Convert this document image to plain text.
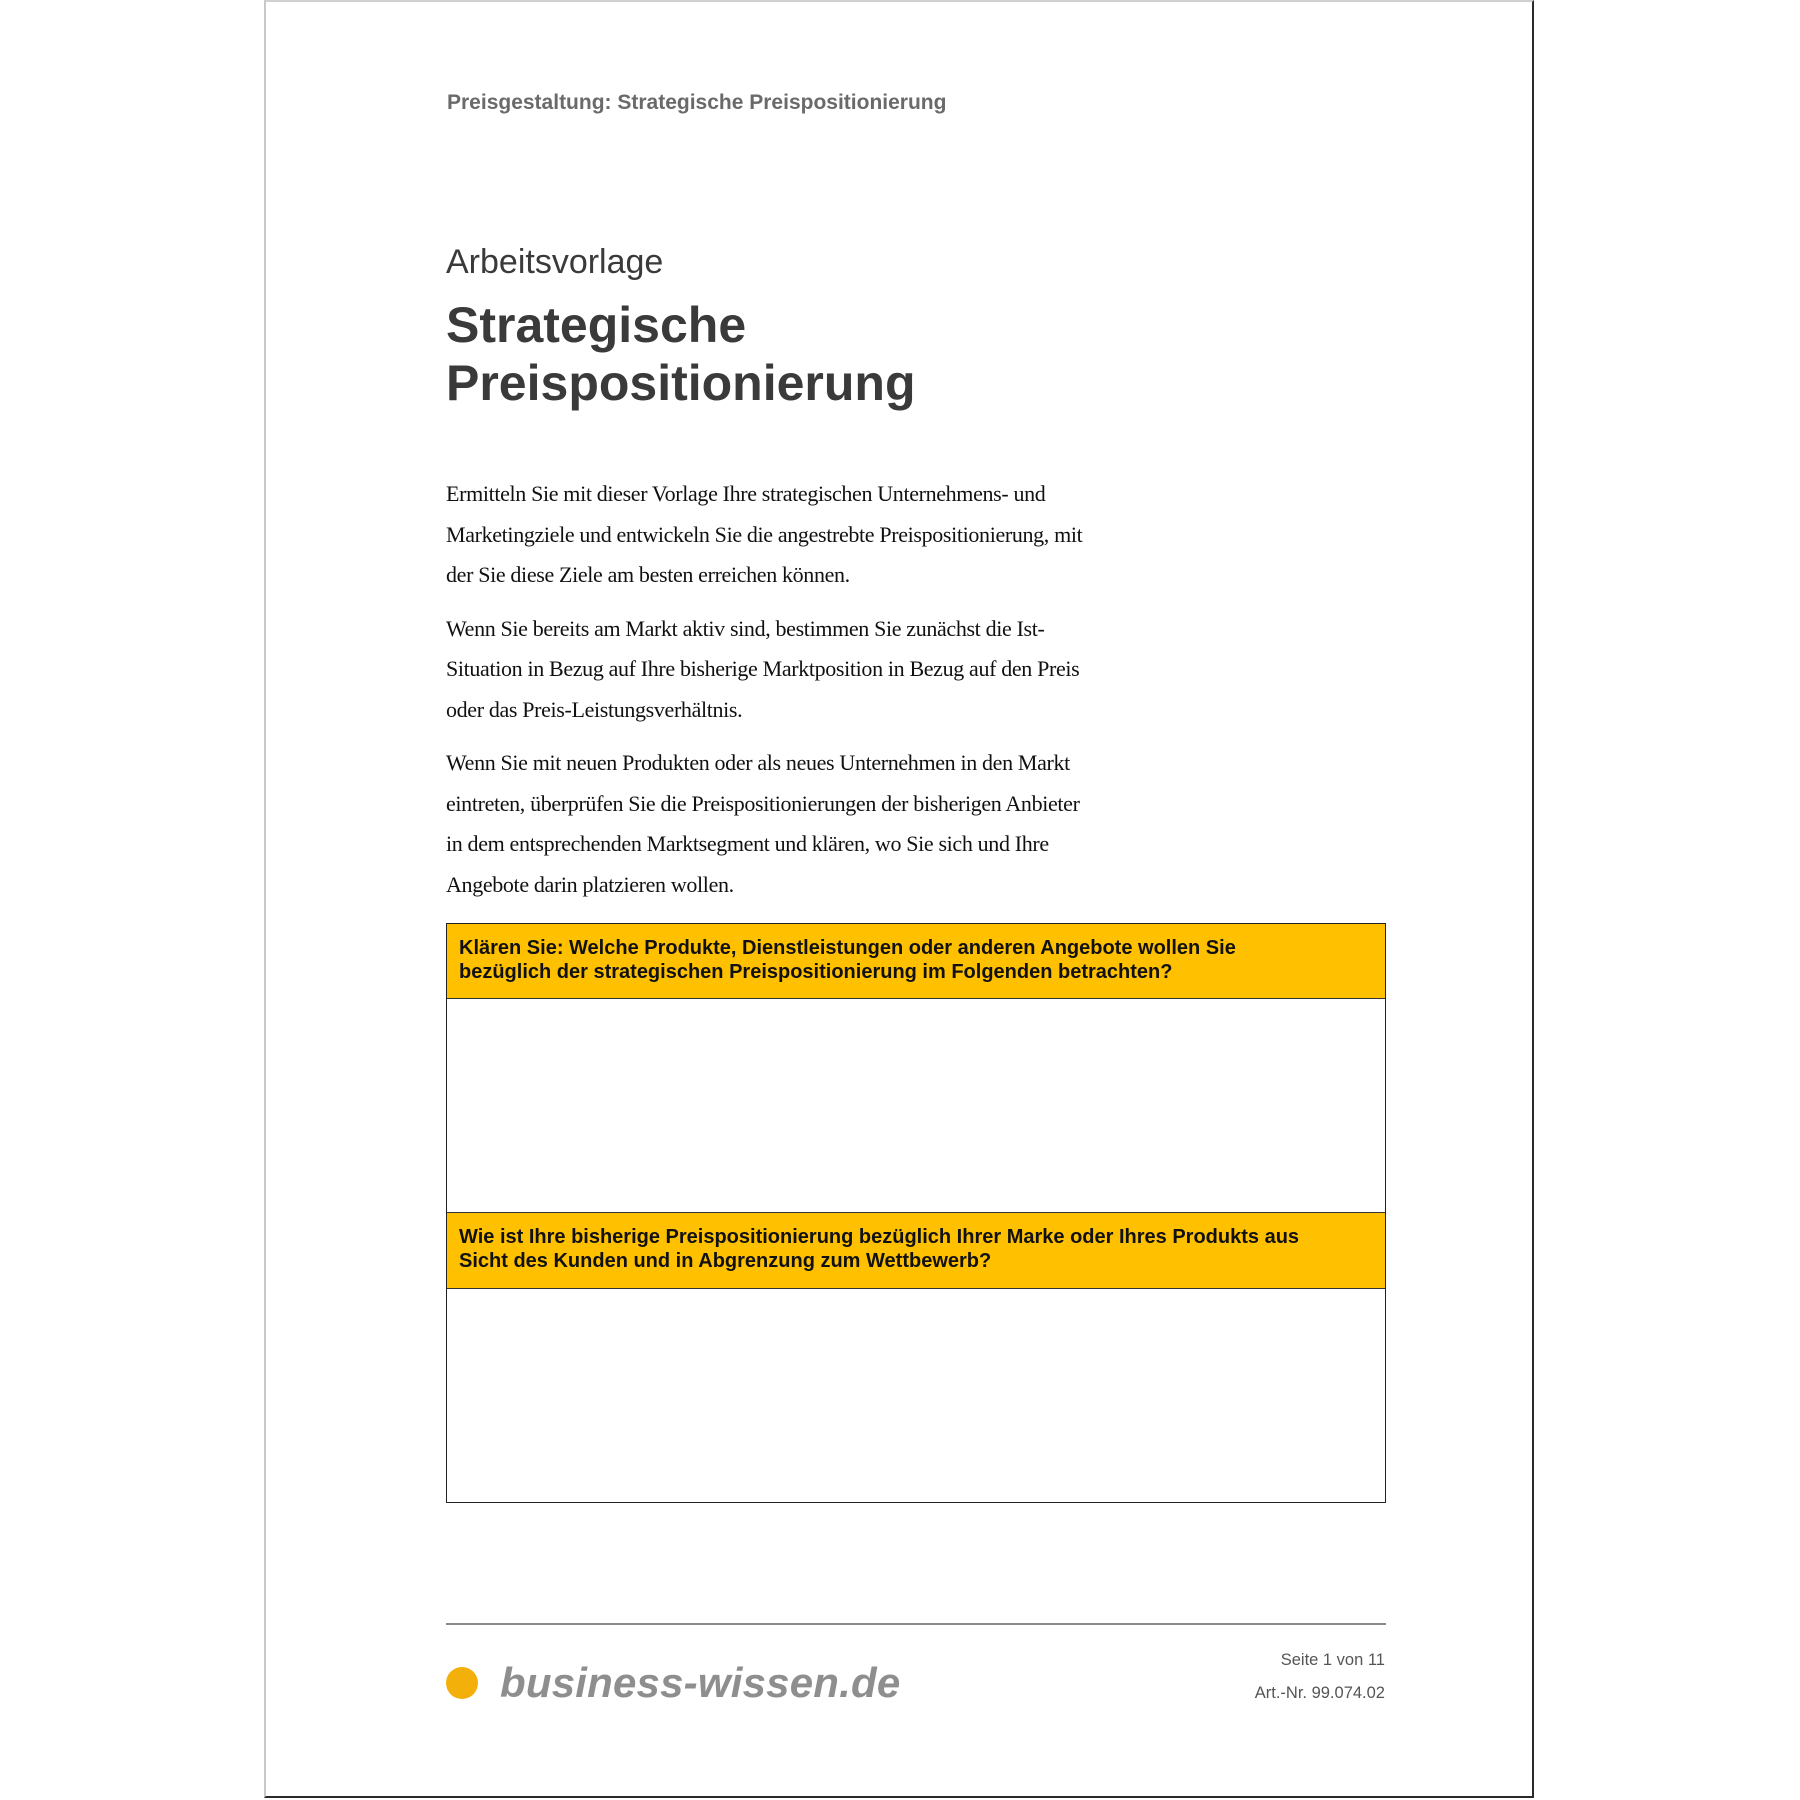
Preisgestaltung: Strategische Preispositionierung
Arbeitsvorlage
Strategische
Preispositionierung

Ermitteln Sie mit dieser Vorlage Ihre strategischen Unternehmens- und
Marketingziele und entwickeln Sie die angestrebte Preispositionierung, mit
der Sie diese Ziele am besten erreichen können.

Wenn Sie bereits am Markt aktiv sind, bestimmen Sie zunächst die Ist-
Situation in Bezug auf Ihre bisherige Marktposition in Bezug auf den Preis
oder das Preis-Leistungsverhältnis.

Wenn Sie mit neuen Produkten oder als neues Unternehmen in den Markt
eintreten, überprüfen Sie die Preispositionierungen der bisherigen Anbieter
in dem entsprechenden Marktsegment und klären, wo Sie sich und Ihre
Angebote darin platzieren wollen.

Klären Sie: Welche Produkte, Dienstleistungen oder anderen Angebote wollen Sie
bezüglich der strategischen Preispositionierung im Folgenden betrachten?
Wie ist Ihre bisherige Preispositionierung bezüglich Ihrer Marke oder Ihres Produkts aus
Sicht des Kunden und in Abgrenzung zum Wettbewerb?
business-wissen.de	Seite 1 von 11
Art.-Nr. 99.074.02
